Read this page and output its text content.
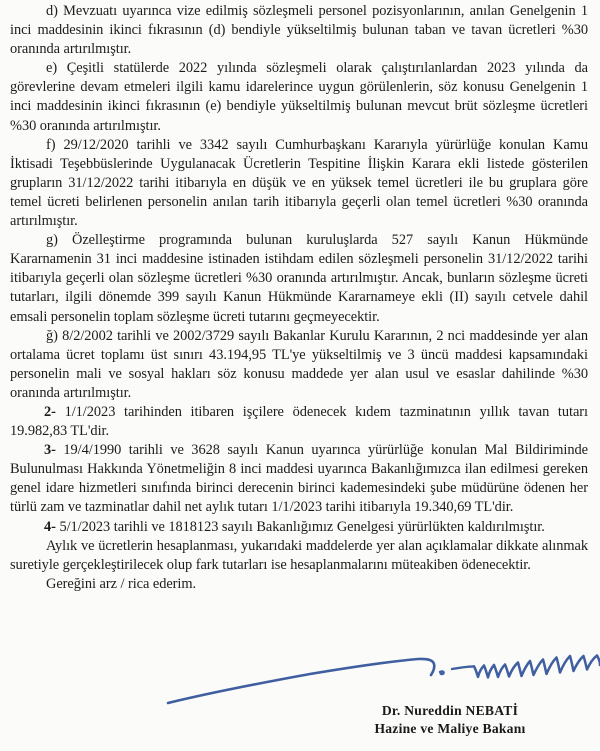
d) Mevzuatı uyarınca vize edilmiş sözleşmeli personel pozisyonlarının, anılan Genelgenin 1 inci maddesinin ikinci fıkrasının (d) bendiyle yükseltilmiş bulunan taban ve tavan ücretleri %30 oranında artırılmıştır.

e) Çeşitli statülerde 2022 yılında sözleşmeli olarak çalıştırılanlardan 2023 yılında da görevlerine devam etmeleri ilgili kamu idarelerince uygun görülenlerin, söz konusu Genelgenin 1 inci maddesinin ikinci fıkrasının (e) bendiyle yükseltilmiş bulunan mevcut brüt sözleşme ücretleri %30 oranında artırılmıştır.

f) 29/12/2020 tarihli ve 3342 sayılı Cumhurbaşkanı Kararıyla yürürlüğe konulan Kamu İktisadi Teşebbüslerinde Uygulanacak Ücretlerin Tespitine İlişkin Karara ekli listede gösterilen grupların 31/12/2022 tarihi itibarıyla en düşük ve en yüksek temel ücretleri ile bu gruplara göre temel ücreti belirlenen personelin anılan tarih itibarıyla geçerli olan temel ücretleri %30 oranında artırılmıştır.

g) Özelleştirme programında bulunan kuruluşlarda 527 sayılı Kanun Hükmünde Kararnamenin 31 inci maddesine istinaden istihdam edilen sözleşmeli personelin 31/12/2022 tarihi itibarıyla geçerli olan sözleşme ücretleri %30 oranında artırılmıştır. Ancak, bunların sözleşme ücreti tutarları, ilgili dönemde 399 sayılı Kanun Hükmünde Kararnameye ekli (II) sayılı cetvele dahil emsali personelin toplam sözleşme ücreti tutarını geçmeyecektir.

ğ) 8/2/2002 tarihli ve 2002/3729 sayılı Bakanlar Kurulu Kararının, 2 nci maddesinde yer alan ortalama ücret toplamı üst sınırı 43.194,95 TL'ye yükseltilmiş ve 3 üncü maddesi kapsamındaki personelin mali ve sosyal hakları söz konusu maddede yer alan usul ve esaslar dahilinde %30 oranında artırılmıştır.

2- 1/1/2023 tarihinden itibaren işçilere ödenecek kıdem tazminatının yıllık tavan tutarı 19.982,83 TL'dir.

3- 19/4/1990 tarihli ve 3628 sayılı Kanun uyarınca yürürlüğe konulan Mal Bildiriminde Bulunulması Hakkında Yönetmeliğin 8 inci maddesi uyarınca Bakanlığımızca ilan edilmesi gereken genel idare hizmetleri sınıfında birinci derecenin birinci kademesindeki şube müdürüne ödenen her türlü zam ve tazminatlar dahil net aylık tutarı 1/1/2023 tarihi itibarıyla 19.340,69 TL'dir.

4- 5/1/2023 tarihli ve 1818123 sayılı Bakanlığımız Genelgesi yürürlükten kaldırılmıştır.

Aylık ve ücretlerin hesaplanması, yukarıdaki maddelerde yer alan açıklamalar dikkate alınmak suretiyle gerçekleştirilecek olup fark tutarları ise hesaplanmalarını müteakiben ödenecektir.

Gereğini arz / rica ederim.

Dr. Nureddin NEBATİ
Hazine ve Maliye Bakanı
